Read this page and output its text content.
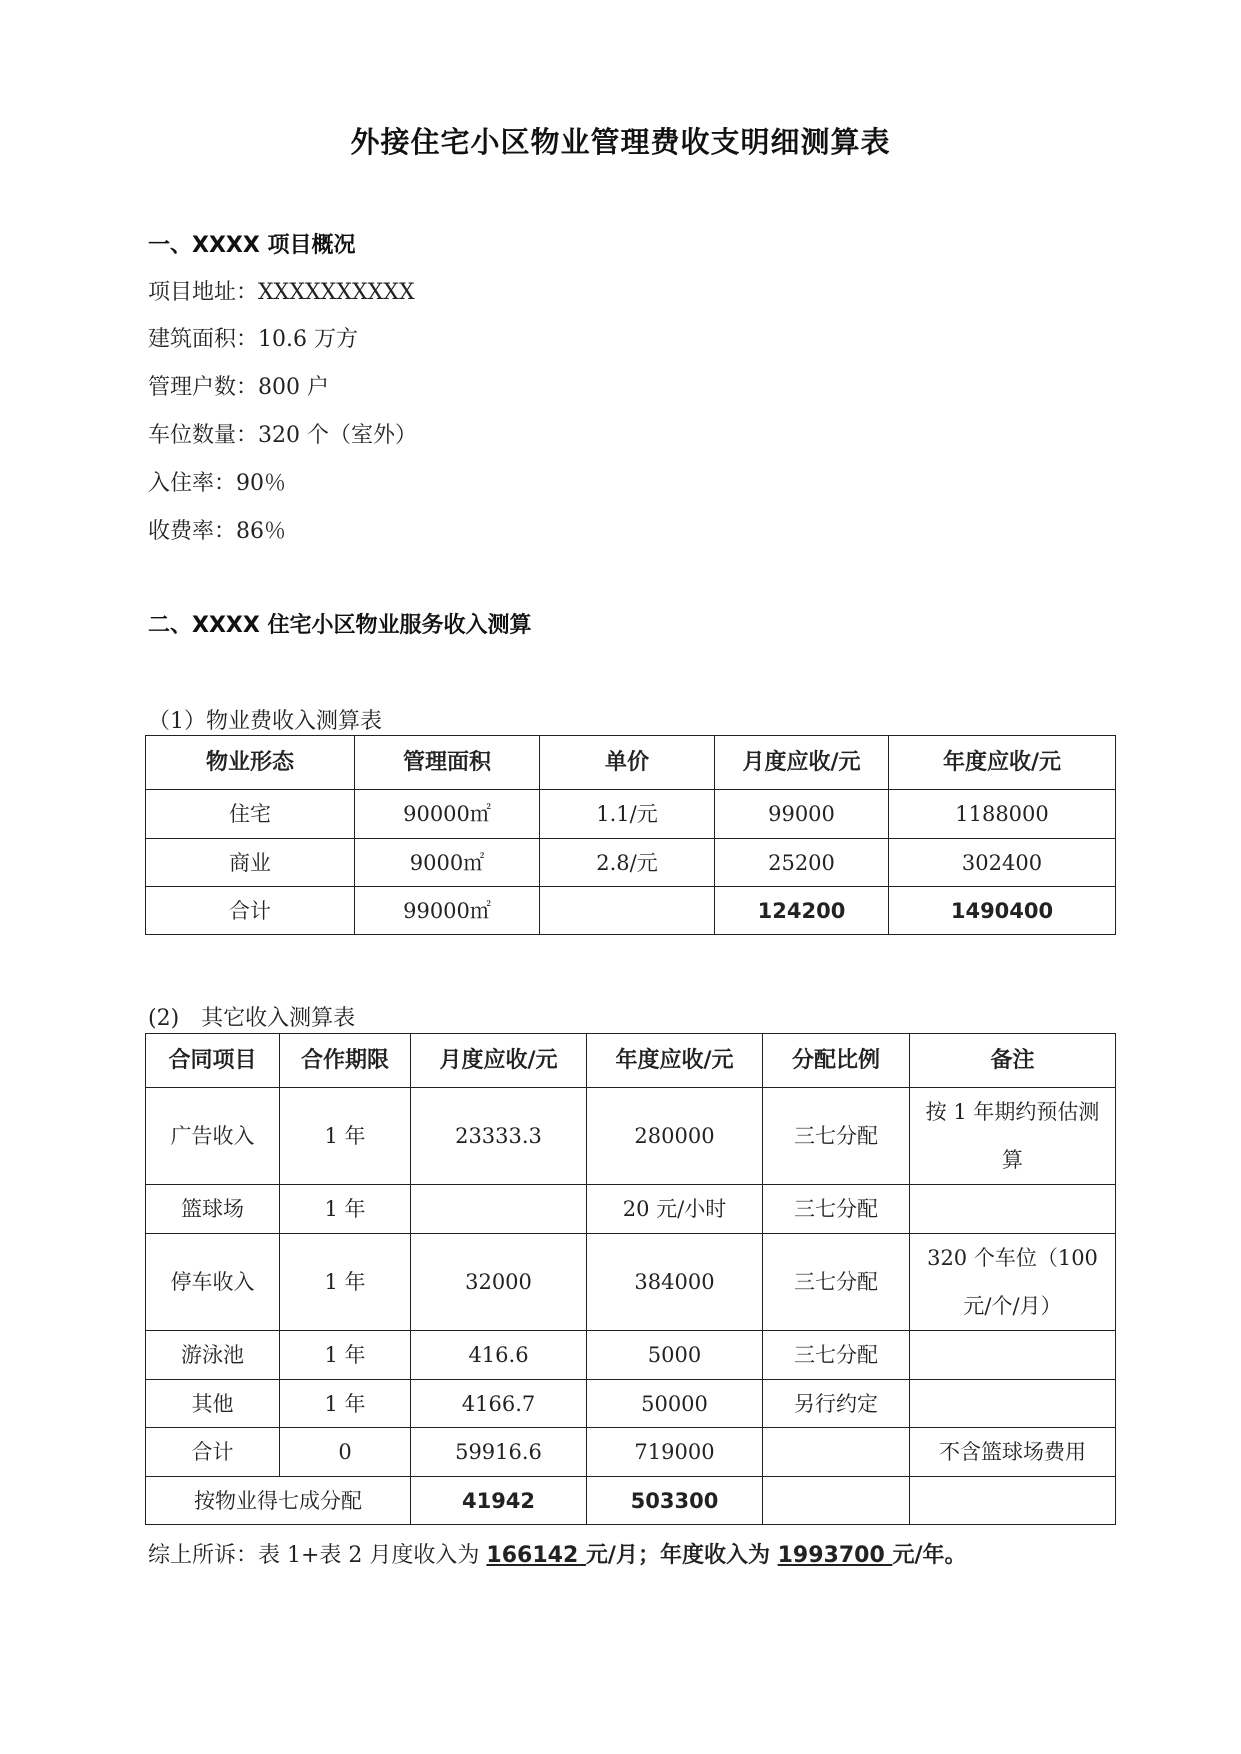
外接住宅小区物业管理费收支明细测算表
一、XXXX 项目概况
项目地址：XXXXXXXXXX
建筑面积：10.6 万方
管理户数：800 户
车位数量：320 个（室外）
入住率：90％
收费率：86％
二、XXXX 住宅小区物业服务收入测算
（1）物业费收入测算表
物业形态	管理面积	单价	月度应收/元	年度应收/元
住宅	90000㎡	1.1/元	99000	1188000
商业	9000㎡	2.8/元	25200	302400
合计	99000㎡		124200	1490400
(2)　其它收入测算表
合同项目	合作期限	月度应收/元	年度应收/元	分配比例	备注
广告收入	1 年	23333.3	280000	三七分配	按 1 年期约预估测算
篮球场	1 年		20 元/小时	三七分配	
停车收入	1 年	32000	384000	三七分配	320 个车位（100 元/个/月）
游泳池	1 年	416.6	5000	三七分配	
其他	1 年	4166.7	50000	另行约定	
合计	0	59916.6	719000		不含篮球场费用
按物业得七成分配		41942	503300		
综上所诉：表 1+表 2 月度收入为 166142 元/月；年度收入为 1993700 元/年。
